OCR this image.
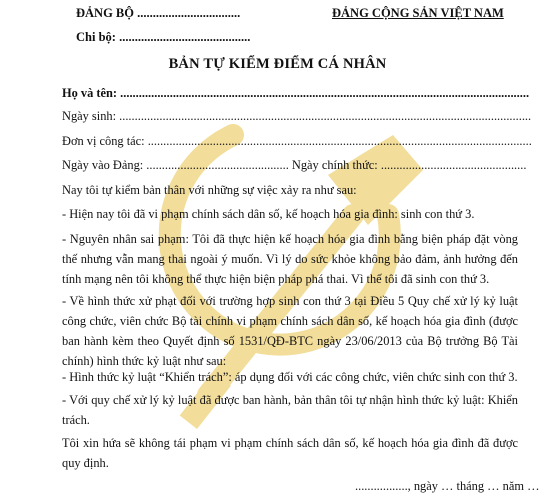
ĐẢNG BỘ .................................
Chi bộ: ..........................................
ĐẢNG CỘNG SẢN VIỆT NAM
BẢN TỰ KIỂM ĐIỂM CÁ NHÂN
Họ và tên: ....................................................................................................................................
Ngày sinh: .....................................................................................................................................
Đơn vị công tác: ............................................................................................................................
Ngày vào Đảng: .............................................. Ngày chính thức: ...............................................
Nay tôi tự kiểm bản thân với những sự việc xảy ra như sau:
- Hiện nay tôi đã vi phạm chính sách dân số, kế hoạch hóa gia đình: sinh con thứ 3.
- Nguyên nhân sai phạm: Tôi đã thực hiện kế hoạch hóa gia đình bằng biện pháp đặt vòng thế nhưng vẫn mang thai ngoài ý muốn. Vì lý do sức khỏe không bảo đảm, ảnh hưởng đến tính mạng nên tôi không thể thực hiện biện pháp phá thai. Vì thế tôi đã sinh con thứ 3.
- Về hình thức xử phạt đối với trường hợp sinh con thứ 3 tại Điều 5 Quy chế xử lý kỷ luật công chức, viên chức Bộ tài chính vi phạm chính sách dân số, kế hoạch hóa gia đình (được ban hành kèm theo Quyết định số 1531/QĐ-BTC ngày 23/06/2013 của Bộ trưởng Bộ Tài chính) hình thức kỷ luật như sau:
- Hình thức kỷ luật “Khiển trách”: áp dụng đối với các công chức, viên chức sinh con thứ 3.
- Với quy chế xử lý kỷ luật đã được ban hành, bản thân tôi tự nhận hình thức kỷ luật: Khiển trách.
Tôi xin hứa sẽ không tái phạm vi phạm chính sách dân số, kế hoạch hóa gia đình đã được quy định.
................., ngày … tháng … năm …
